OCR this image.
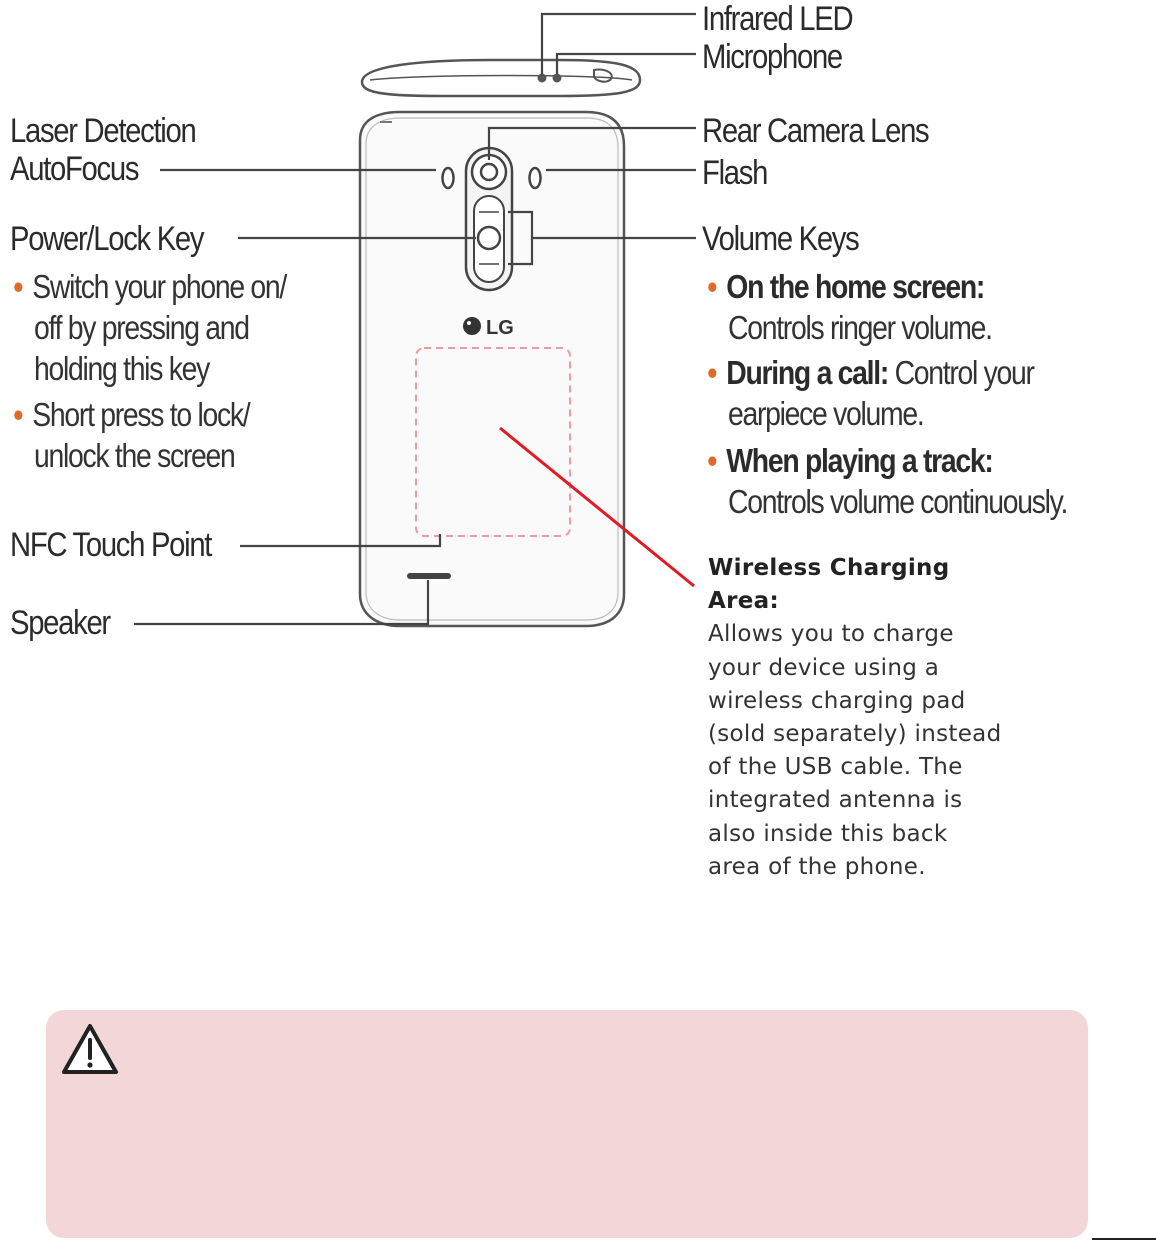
LG
Laser Detection
AutoFocus
Power/Lock Key
• Switch your phone on/
off by pressing and
holding this key
• Short press to lock/
unlock the screen
NFC Touch Point
Speaker
Infrared LED
Microphone
Rear Camera Lens
Flash
Volume Keys
• On the home screen:
Controls ringer volume.
• During a call: Control your
earpiece volume.
• When playing a track:
Controls volume continuously.
Wireless Charging Area:
Allows you to charge
your device using a
wireless charging pad
(sold separately) instead
of the USB cable. The
integrated antenna is
also inside this back
area of the phone.
